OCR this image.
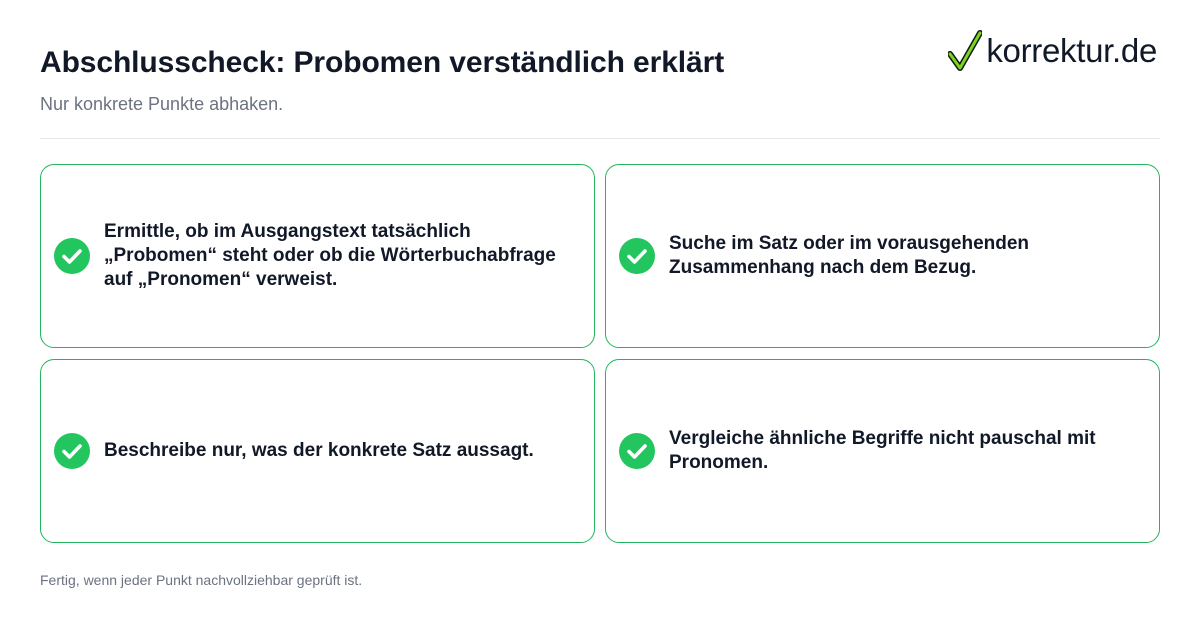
Abschlusscheck: Probomen verständlich erklärt

Nur konkrete Punkte abhaken.

korrektur.de
Ermittle, ob im Ausgangstext tatsächlich „Probomen“ steht oder ob die Wörterbuchabfrage auf „Pronomen“ verweist.
Suche im Satz oder im vorausgehenden Zusammenhang nach dem Bezug.
Beschreibe nur, was der konkrete Satz aussagt.
Vergleiche ähnliche Begriffe nicht pauschal mit Pronomen.

Fertig, wenn jeder Punkt nachvollziehbar geprüft ist.
